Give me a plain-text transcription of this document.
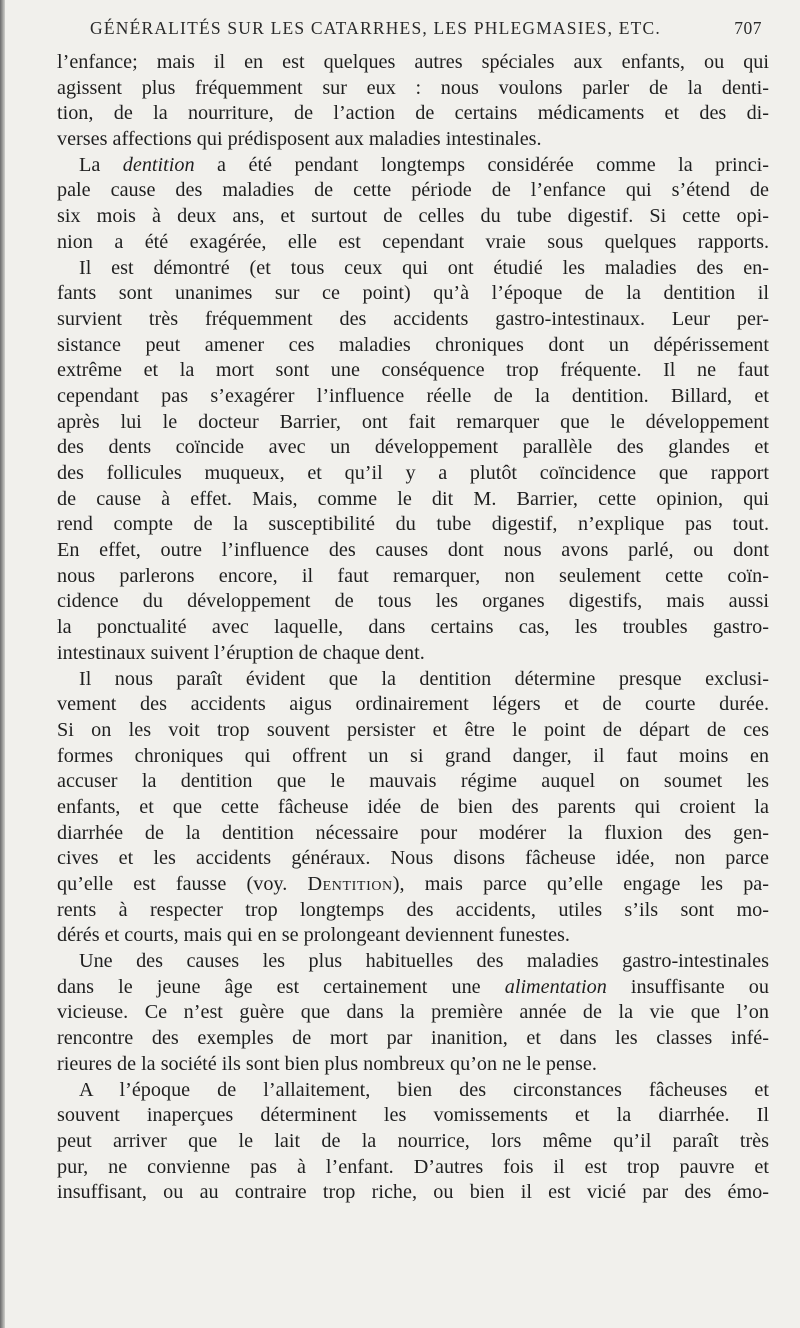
GÉNÉRALITÉS SUR LES CATARRHES, LES PHLEGMASIES, ETC.	707
l’enfance; mais il en est quelques autres spéciales aux enfants, ou qui
agissent plus fréquemment sur eux : nous voulons parler de la denti-
tion, de la nourriture, de l’action de certains médicaments et des di-
verses affections qui prédisposent aux maladies intestinales.
La dentition a été pendant longtemps considérée comme la princi-
pale cause des maladies de cette période de l’enfance qui s’étend de
six mois à deux ans, et surtout de celles du tube digestif. Si cette opi-
nion a été exagérée, elle est cependant vraie sous quelques rapports.
Il est démontré (et tous ceux qui ont étudié les maladies des en-
fants sont unanimes sur ce point) qu’à l’époque de la dentition il
survient très fréquemment des accidents gastro-intestinaux. Leur per-
sistance peut amener ces maladies chroniques dont un dépérissement
extrême et la mort sont une conséquence trop fréquente. Il ne faut
cependant pas s’exagérer l’influence réelle de la dentition. Billard, et
après lui le docteur Barrier, ont fait remarquer que le développement
des dents coïncide avec un développement parallèle des glandes et
des follicules muqueux, et qu’il y a plutôt coïncidence que rapport
de cause à effet. Mais, comme le dit M. Barrier, cette opinion, qui
rend compte de la susceptibilité du tube digestif, n’explique pas tout.
En effet, outre l’influence des causes dont nous avons parlé, ou dont
nous parlerons encore, il faut remarquer, non seulement cette coïn-
cidence du développement de tous les organes digestifs, mais aussi
la ponctualité avec laquelle, dans certains cas, les troubles gastro-
intestinaux suivent l’éruption de chaque dent.
Il nous paraît évident que la dentition détermine presque exclusi-
vement des accidents aigus ordinairement légers et de courte durée.
Si on les voit trop souvent persister et être le point de départ de ces
formes chroniques qui offrent un si grand danger, il faut moins en
accuser la dentition que le mauvais régime auquel on soumet les
enfants, et que cette fâcheuse idée de bien des parents qui croient la
diarrhée de la dentition nécessaire pour modérer la fluxion des gen-
cives et les accidents généraux. Nous disons fâcheuse idée, non parce
qu’elle est fausse (voy. Dentition), mais parce qu’elle engage les pa-
rents à respecter trop longtemps des accidents, utiles s’ils sont mo-
dérés et courts, mais qui en se prolongeant deviennent funestes.
Une des causes les plus habituelles des maladies gastro-intestinales
dans le jeune âge est certainement une alimentation insuffisante ou
vicieuse. Ce n’est guère que dans la première année de la vie que l’on
rencontre des exemples de mort par inanition, et dans les classes infé-
rieures de la société ils sont bien plus nombreux qu’on ne le pense.
A l’époque de l’allaitement, bien des circonstances fâcheuses et
souvent inaperçues déterminent les vomissements et la diarrhée. Il
peut arriver que le lait de la nourrice, lors même qu’il paraît très
pur, ne convienne pas à l’enfant. D’autres fois il est trop pauvre et
insuffisant, ou au contraire trop riche, ou bien il est vicié par des émo-
